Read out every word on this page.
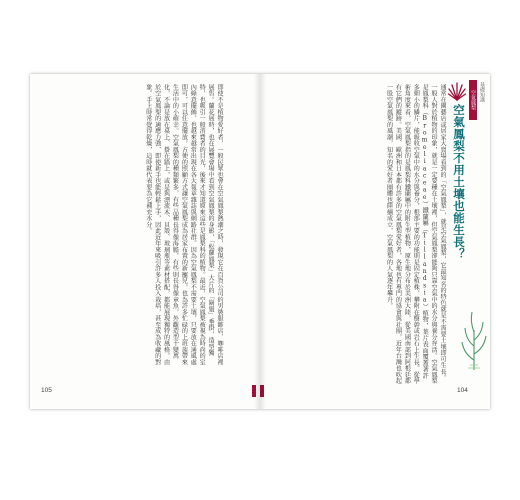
即使不是植物愛好者，一般民眾也會在空氣鳳梨熱潮之時，發現它在百貨公司的男裝服飾店、咖啡店裡展售。蘭花展時，也在展覽會場中看到空氣鳳梨的身影，「松蘿鳳梨」大片的「鬍鬚」垂掛，造型獨特，也吸引一般消費者的目光，後來才知道原來這些是鳳梨科的植物。最近，空氣鳳梨被視為時尚的室內綠意擺飾，也越來越常出現在各大報章雜誌與網路社群。因為空氣鳳梨不需要土壤，只要放在通風處即可，可以任意擺放，方便的照顧方式讓空氣鳳梨成為居家布置的新寵兒，也為許多忙碌的上班族帶來生活中的小確幸。空氣鳳梨的種類繁多，有些品種長得像海膽，有些則長得像章魚，外觀造型千變萬化，不論是放在桌上、掛在牆上，或是與漂流木、貝殼、玻璃瓶等素材搭配，都能展現獨特的風格。由於空氣鳳梨的適應力強，即使新手也能輕鬆上手，因此近年來吸引許多人投入栽培，甚至成為收藏的對象。手上時常覺得乾燥，這時就代表要為它補充水分。
105
通常在園藝店或居家大賣場看到的「空氣鳳梨」，就是空氣鳳梨，它最知名的特色就是不需要土壤即可生長。一般人對於植物的印象，就是一定要種在土壤裡，但空氣鳳梨卻能夠只靠空氣中的水分與養分存活。空氣鳳梨是鳳梨科（Bromeliaceae）鐵蘭屬（Tillandsia）植物，葉片表面覆蓋著許多細小的鱗片，能吸收空氣中的水分與養分，根部主要的功能則是固定植株，攀附在樹幹或岩石上生長。從學術角度來看，空氣鳳梨指的是鳳梨科鐵蘭屬中的附生型植物，原生地分布於美洲大陸，從美國南部到阿根廷都有它們的蹤跡。美國、歐洲和日本都有許多的空氣鳳梨愛好者，各地也有專門的協會與社團，近年台灣也吹起一股空氣鳳梨的風潮，知名的愛好者團體也陸續成立，空氣鳳梨的人氣逐年攀升。	空氣鳳梨不用土壤也能生長？
空氣鳳梨 基礎知識
104
